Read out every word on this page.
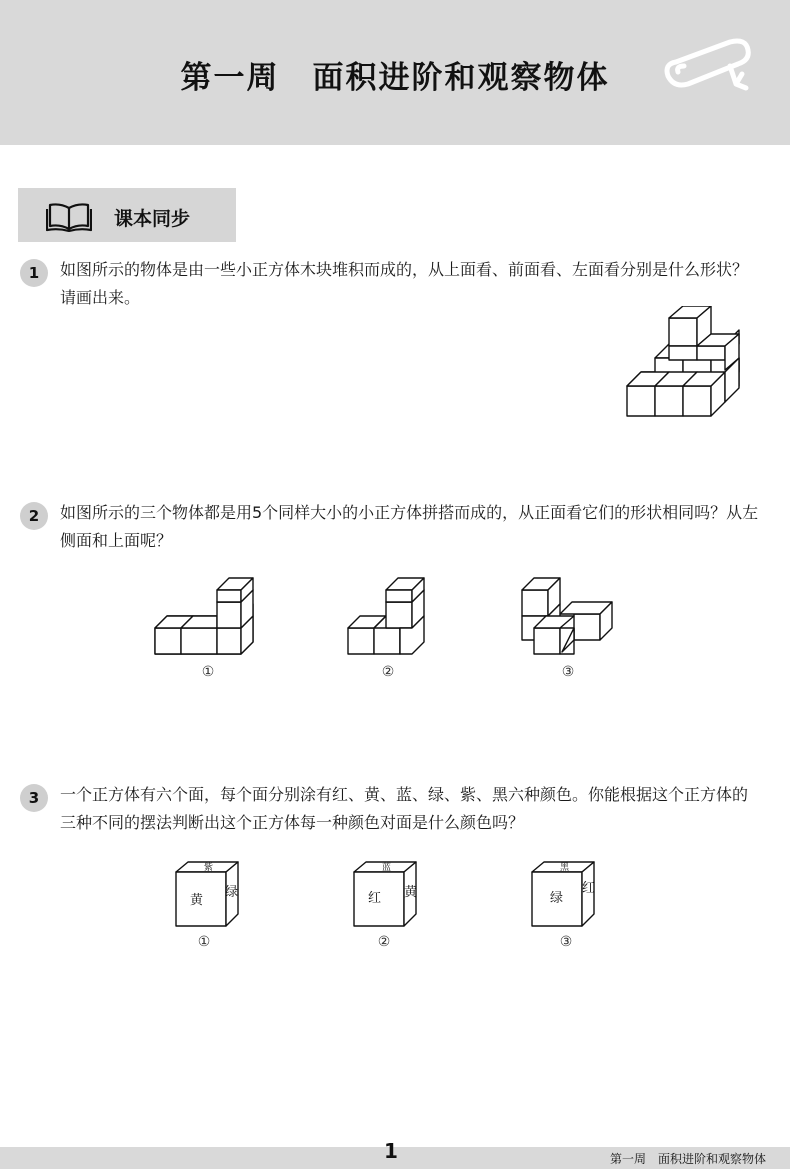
第一周　面积进阶和观察物体
课本同步
1	如图所示的物体是由一些小正方体木块堆积而成的，从上面看、前面看、左面看分别是什么形状？请画出来。

2	如图所示的三个物体都是用5个同样大小的小正方体拼搭而成的，从正面看它们的形状相同吗？从左侧面和上面呢？

①	②	③
3	一个正方体有六个面，每个面分别涂有红、黄、蓝、绿、紫、黑六种颜色。你能根据这个正方体的三种不同的摆法判断出这个正方体每一种颜色对面是什么颜色吗？

紫
黄
绿
①
蓝
红 黄
②
黑
绿
红
③
1	第一周　面积进阶和观察物体
